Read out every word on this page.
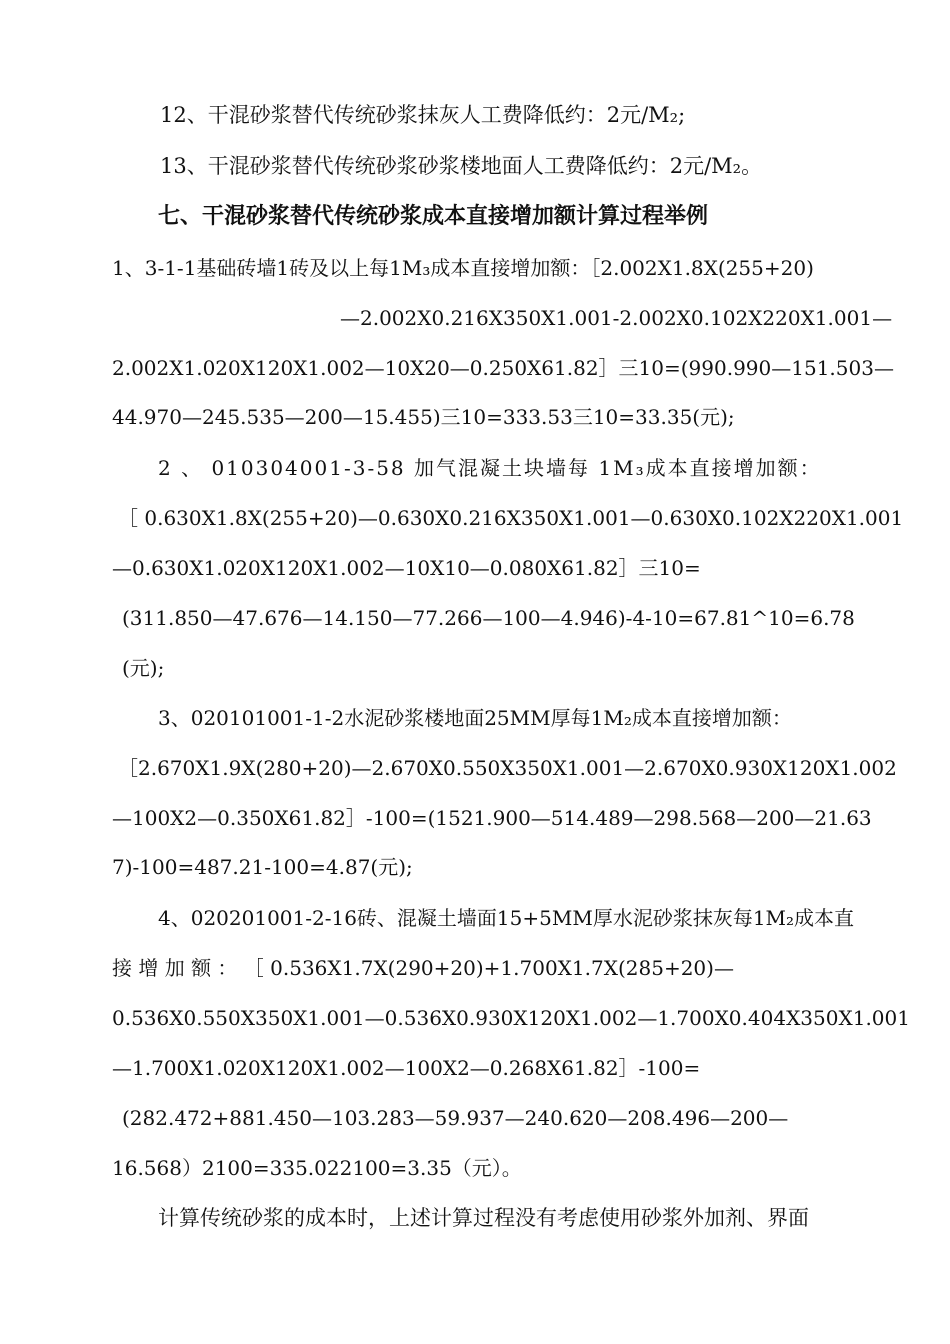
12、干混砂浆替代传统砂浆抹灰人工费降低约：2元/M₂;
13、干混砂浆替代传统砂浆砂浆楼地面人工费降低约：2元/M₂。
七、干混砂浆替代传统砂浆成本直接增加额计算过程举例
1、3-1-1基础砖墙1砖及以上每1M₃成本直接增加额：［2.002X1.8X(255+20)
—2.002X0.216X350X1.001-2.002X0.102X220X1.001—
2.002X1.020X120X1.002—10X20—0.250X61.82］三10=(990.990—151.503—
44.970—245.535—200—15.455)三10=333.53三10=33.35(元);
2 、 010304001-3-58 加气混凝土块墙每 1M₃成本直接增加额：
［ 0.630X1.8X(255+20)—0.630X0.216X350X1.001—0.630X0.102X220X1.001
—0.630X1.020X120X1.002—10X10—0.080X61.82］三10=
(311.850—47.676—14.150—77.266—100—4.946)-4-10=67.81^10=6.78
(元);
3、020101001-1-2水泥砂浆楼地面25MM厚每1M₂成本直接增加额：
［2.670X1.9X(280+20)—2.670X0.550X350X1.001—2.670X0.930X120X1.002
—100X2—0.350X61.82］-100=(1521.900—514.489—298.568—200—21.63
7)-100=487.21-100=4.87(元);
4、020201001-2-16砖、混凝土墙面15+5MM厚水泥砂浆抹灰每1M₂成本直
接 增 加 额 ： ［ 0.536X1.7X(290+20)+1.700X1.7X(285+20)—
0.536X0.550X350X1.001—0.536X0.930X120X1.002—1.700X0.404X350X1.001
—1.700X1.020X120X1.002—100X2—0.268X61.82］-100=
(282.472+881.450—103.283—59.937—240.620—208.496—200—
16.568）2100=335.022100=3.35（元）。
计算传统砂浆的成本时，上述计算过程没有考虑使用砂浆外加剂、界面
